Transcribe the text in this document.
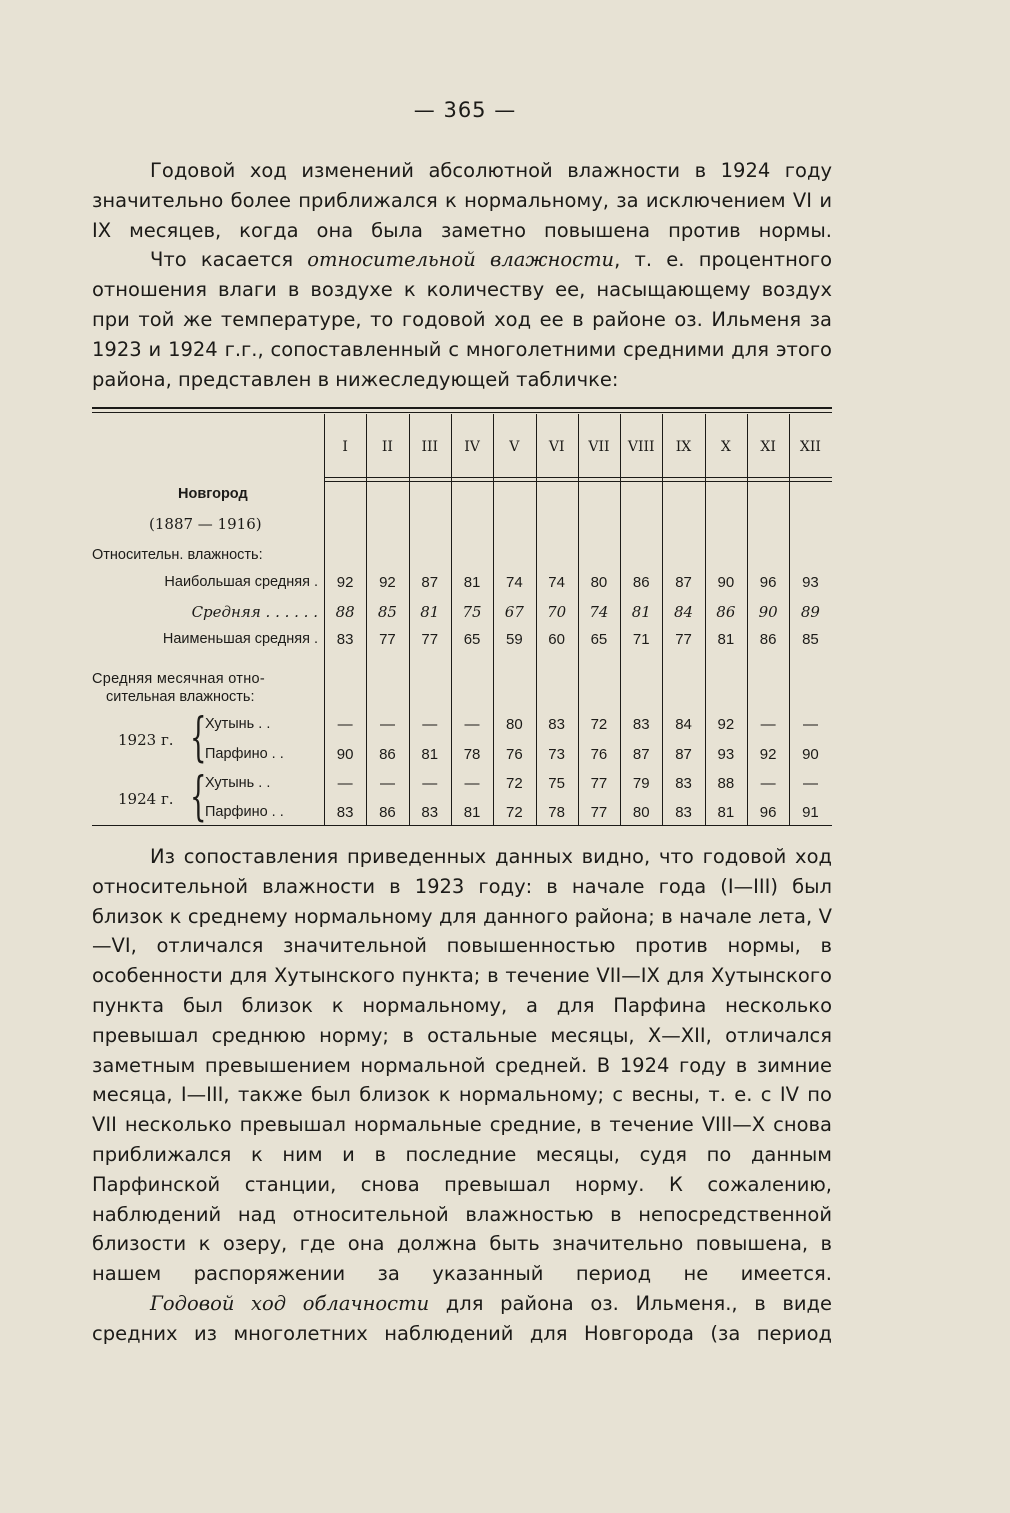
— 365 —

Годовой ход изменений абсолютной влажности в 1924 году значительно более приближался к нормальному, за исключением VI и IX месяцев, когда она была заметно повышена против нормы.

Что касается относительной влажности, т. е. процентного отношения влаги в воздухе к количеству ее, насыщающему воздух при той же температуре, то годовой ход ее в районе оз. Ильменя за 1923 и 1924 г.г., сопоставленный с многолетними средними для этого района, представлен в нижеследующей табличке:

I	II	III	IV	V	VI	VII	VIII	IX	X	XI	XII
Новгород
(1887 — 1916)
Относительн. влажность:
Наибольшая средняя .	92	92	87	81	74	74	80	86	87	90	96	93
Средняя . . . . . .	88	85	81	75	67	70	74	81	84	86	90	89
Наименьшая средняя .	83	77	77	65	59	60	65	71	77	81	86	85
Средняя месячная отно-
сительная влажность:
1923 г. {
Хутынь . .	—	—	—	—	80	83	72	83	84	92	—	—
Парфино . .	90	86	81	78	76	73	76	87	87	93	92	90
1924 г. {
Хутынь . .	—	—	—	—	72	75	77	79	83	88	—	—
Парфино . .	83	86	83	81	72	78	77	80	83	81	96	91

Из сопоставления приведенных данных видно, что годовой ход относительной влажности в 1923 году: в начале года (I—III) был близок к среднему нормальному для данного района; в начале лета, V—VI, отличался значительной повышенностью против нормы, в особенности для Хутынского пункта; в течение VII—IX для Хутынского пункта был близок к нормальному, а для Парфина несколько превышал среднюю норму; в остальные месяцы, X—XII, отличался заметным превышением нормальной средней. В 1924 году в зимние месяца, I—III, также был близок к нормальному; с весны, т. е. с IV по VII несколько превышал нормальные средние, в течение VIII—X снова приближался к ним и в последние месяцы, судя по данным Парфинской станции, снова превышал норму. К сожалению, наблюдений над относительной влажностью в непосредственной близости к озеру, где она должна быть значительно повышена, в нашем распоряжении за указанный период не имеется.

Годовой ход облачности для района оз. Ильменя., в виде средних из многолетних наблюдений для Новгорода (за период
